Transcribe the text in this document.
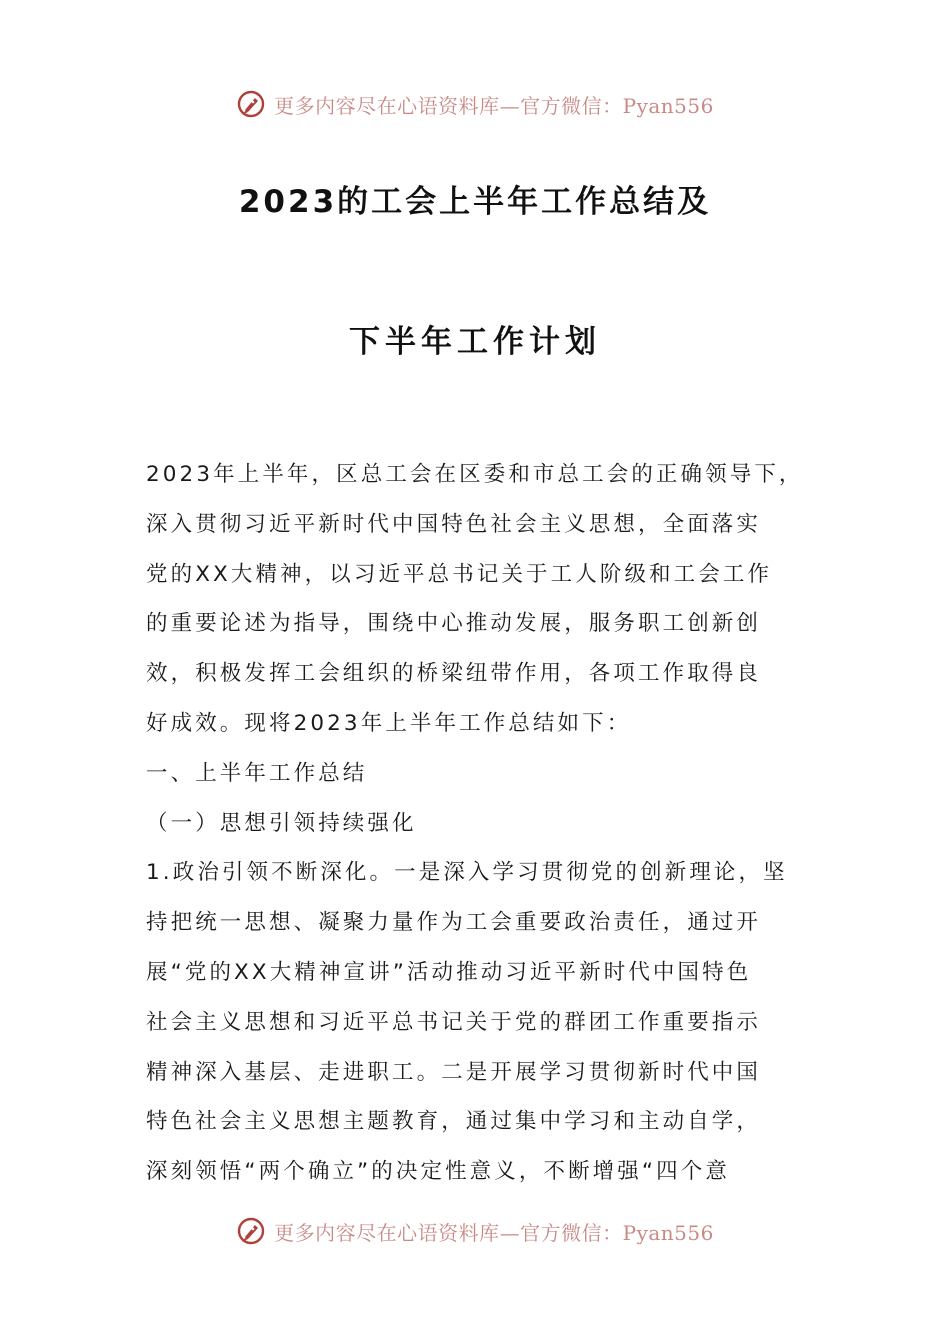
更多内容尽在心语资料库—官方微信：Pyan556
2023的工会上半年工作总结及
下半年工作计划
2023年上半年，区总工会在区委和市总工会的正确领导下，
深入贯彻习近平新时代中国特色社会主义思想，全面落实
党的XX大精神，以习近平总书记关于工人阶级和工会工作
的重要论述为指导，围绕中心推动发展，服务职工创新创
效，积极发挥工会组织的桥梁纽带作用，各项工作取得良
好成效。现将2023年上半年工作总结如下：
一、上半年工作总结
（一）思想引领持续强化
1.政治引领不断深化。一是深入学习贯彻党的创新理论，坚
持把统一思想、凝聚力量作为工会重要政治责任，通过开
展“党的XX大精神宣讲”活动推动习近平新时代中国特色
社会主义思想和习近平总书记关于党的群团工作重要指示
精神深入基层、走进职工。二是开展学习贯彻新时代中国
特色社会主义思想主题教育，通过集中学习和主动自学，
深刻领悟“两个确立”的决定性意义，不断增强“四个意
更多内容尽在心语资料库—官方微信：Pyan556
